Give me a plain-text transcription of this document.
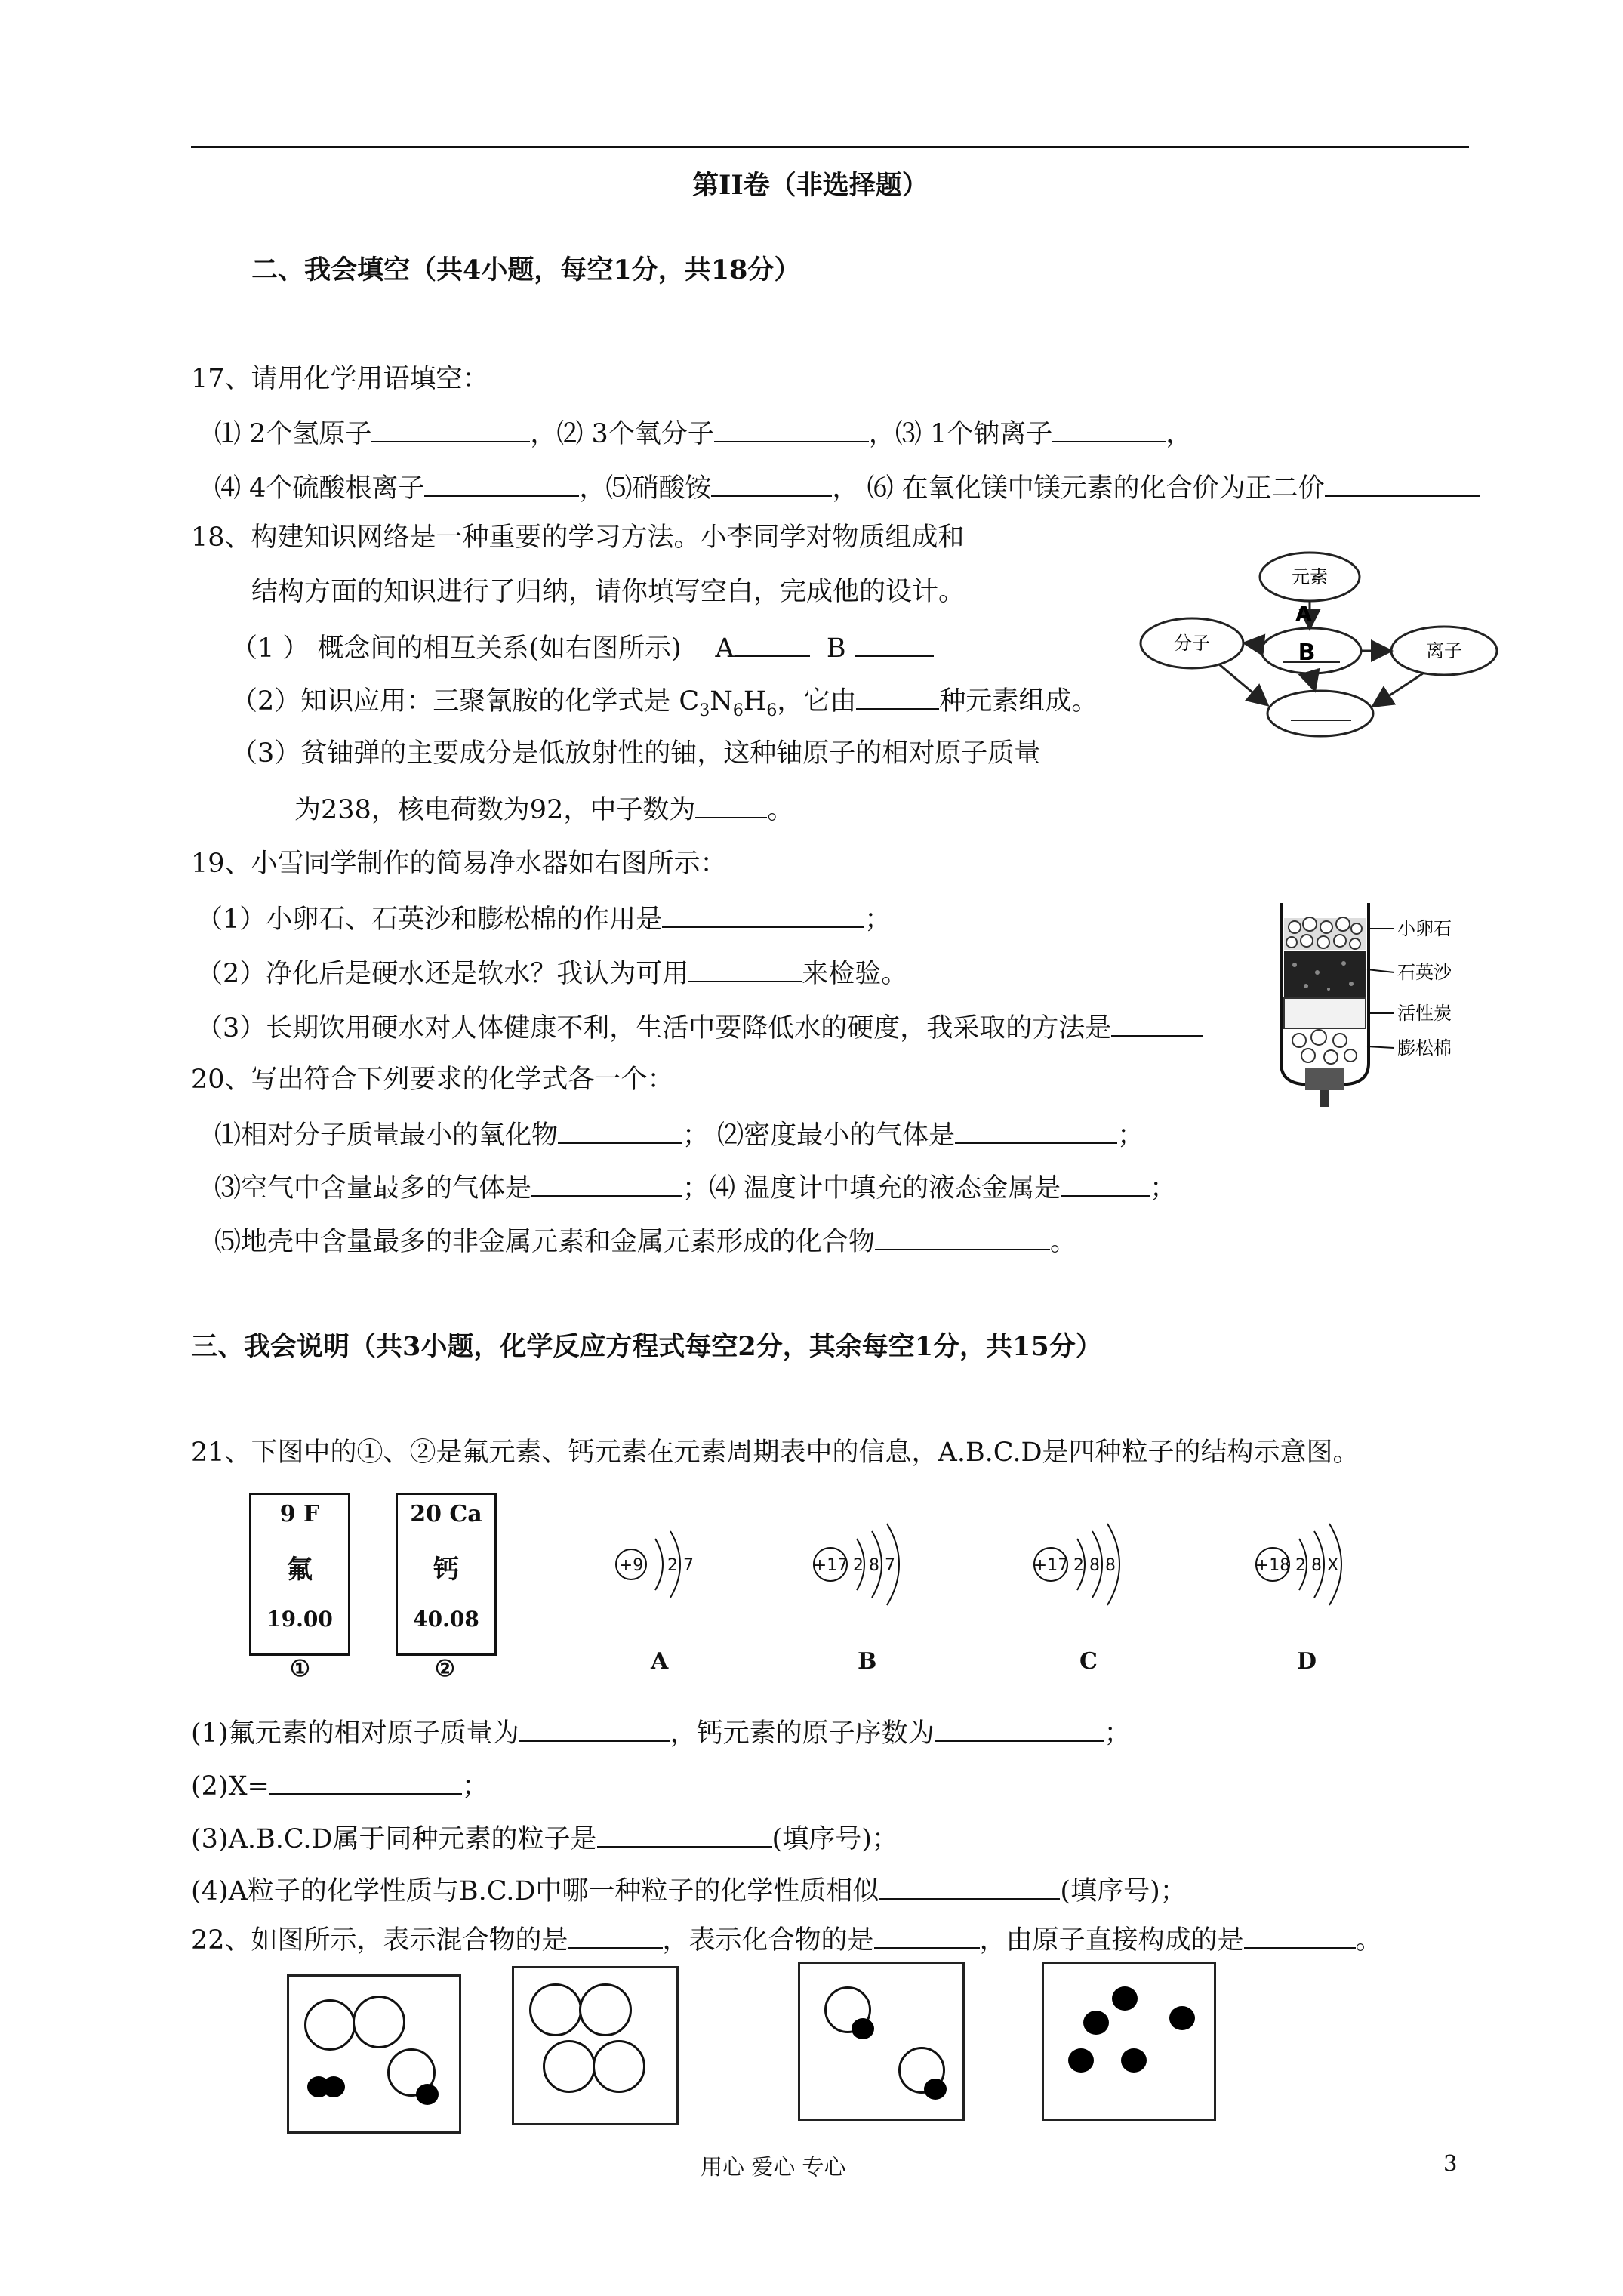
第II卷（非选择题）
二、我会填空（共4小题，每空1分，共18分）
17、请用化学用语填空：
⑴ 2个氢原子	，⑵ 3个氧分子	，⑶ 1个钠离子	，
⑷ 4个硫酸根离子	，⑸硝酸铵	， ⑹ 在氧化镁中镁元素的化合价为正二价
18、构建知识网络是一种重要的学习方法。小李同学对物质组成和
结构方面的知识进行了归纳，请你填写空白，完成他的设计。
（1 ） 概念间的相互关系(如右图所示) A	B
（2）知识应用：三聚氰胺的化学式是 $C_3N_6H_6$，它由	种元素组成。
（3）贫铀弹的主要成分是低放射性的铀，这种铀原子的相对原子质量
为238，核电荷数为92，中子数为	。
元素
分子	离子
A
B
19、小雪同学制作的简易净水器如右图所示：
（1）小卵石、石英沙和膨松棉的作用是	；
（2）净化后是硬水还是软水？我认为可用	来检验。
（3）长期饮用硬水对人体健康不利，生活中要降低水的硬度，我采取的方法是
小卵石
石英沙
活性炭
膨松棉
20、写出符合下列要求的化学式各一个：
⑴相对分子质量最小的氧化物	； ⑵密度最小的气体是	；
⑶空气中含量最多的气体是	；⑷ 温度计中填充的液态金属是	；
⑸地壳中含量最多的非金属元素和金属元素形成的化合物	。
三、我会说明（共3小题，化学反应方程式每空2分，其余每空1分，共15分）
21、下图中的①、②是氟元素、钙元素在元素周期表中的信息，A.B.C.D是四种粒子的结构示意图。
9 F
氟
19.00
①
20 Ca
钙
40.08
②
+9 2 7
A
+17 2 8 7
B
+17 2 8 8
C
+18 2 8 X
D
(1)氟元素的相对原子质量为	，钙元素的原子序数为	；
(2)X=	；
(3)A.B.C.D属于同种元素的粒子是	(填序号)；
(4)A粒子的化学性质与B.C.D中哪一种粒子的化学性质相似	(填序号)；
22、如图所示，表示混合物的是	，表示化合物的是	，由原子直接构成的是	。
用心 爱心 专心	3
